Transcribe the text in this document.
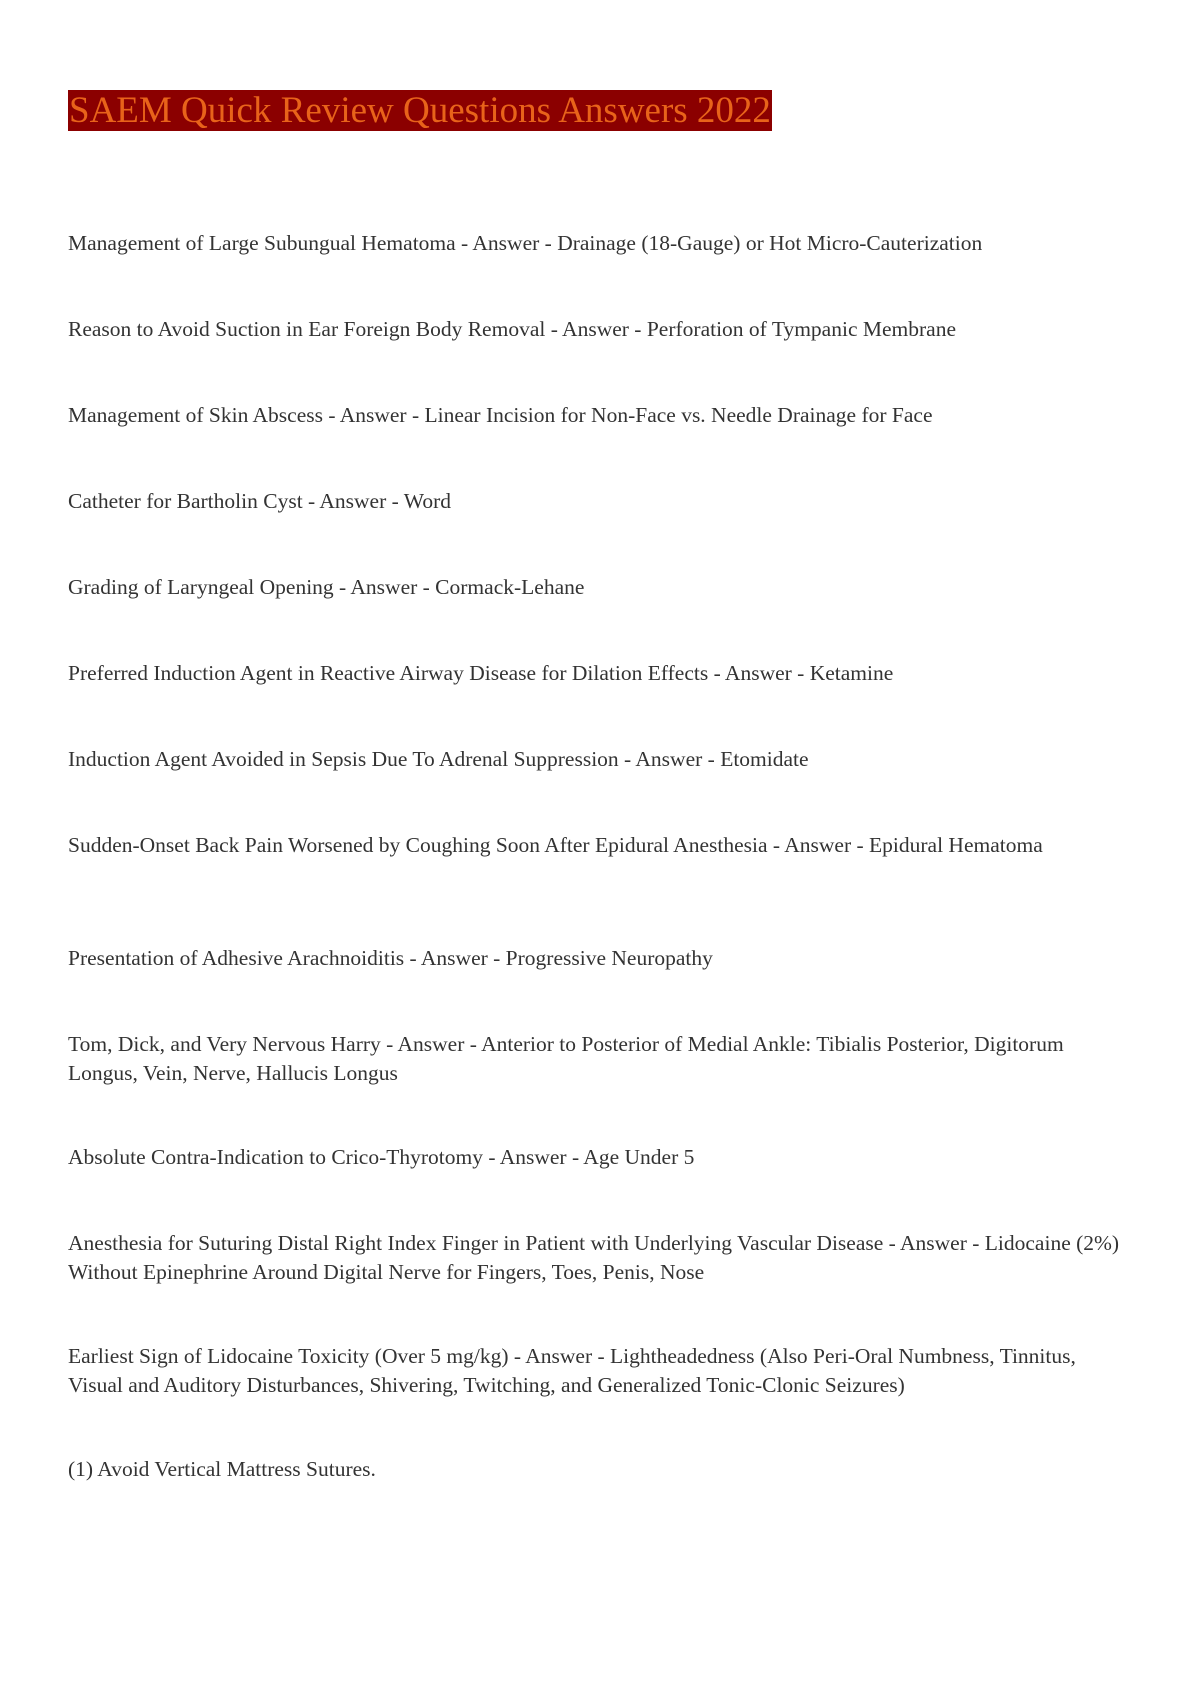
SAEM Quick Review Questions Answers 2022
Management of Large Subungual Hematoma - Answer - Drainage (18-Gauge) or Hot Micro-Cauterization
Reason to Avoid Suction in Ear Foreign Body Removal - Answer - Perforation of Tympanic Membrane
Management of Skin Abscess - Answer - Linear Incision for Non-Face vs. Needle Drainage for Face
Catheter for Bartholin Cyst - Answer - Word
Grading of Laryngeal Opening - Answer - Cormack-Lehane
Preferred Induction Agent in Reactive Airway Disease for Dilation Effects - Answer - Ketamine
Induction Agent Avoided in Sepsis Due To Adrenal Suppression - Answer - Etomidate
Sudden-Onset Back Pain Worsened by Coughing Soon After Epidural Anesthesia - Answer - Epidural Hematoma
Presentation of Adhesive Arachnoiditis - Answer - Progressive Neuropathy
Tom, Dick, and Very Nervous Harry - Answer - Anterior to Posterior of Medial Ankle: Tibialis Posterior, Digitorum Longus, Vein, Nerve, Hallucis Longus
Absolute Contra-Indication to Crico-Thyrotomy - Answer - Age Under 5
Anesthesia for Suturing Distal Right Index Finger in Patient with Underlying Vascular Disease - Answer - Lidocaine (2%) Without Epinephrine Around Digital Nerve for Fingers, Toes, Penis, Nose
Earliest Sign of Lidocaine Toxicity (Over 5 mg/kg) - Answer - Lightheadedness (Also Peri-Oral Numbness, Tinnitus, Visual and Auditory Disturbances, Shivering, Twitching, and Generalized Tonic-Clonic Seizures)
(1) Avoid Vertical Mattress Sutures.
